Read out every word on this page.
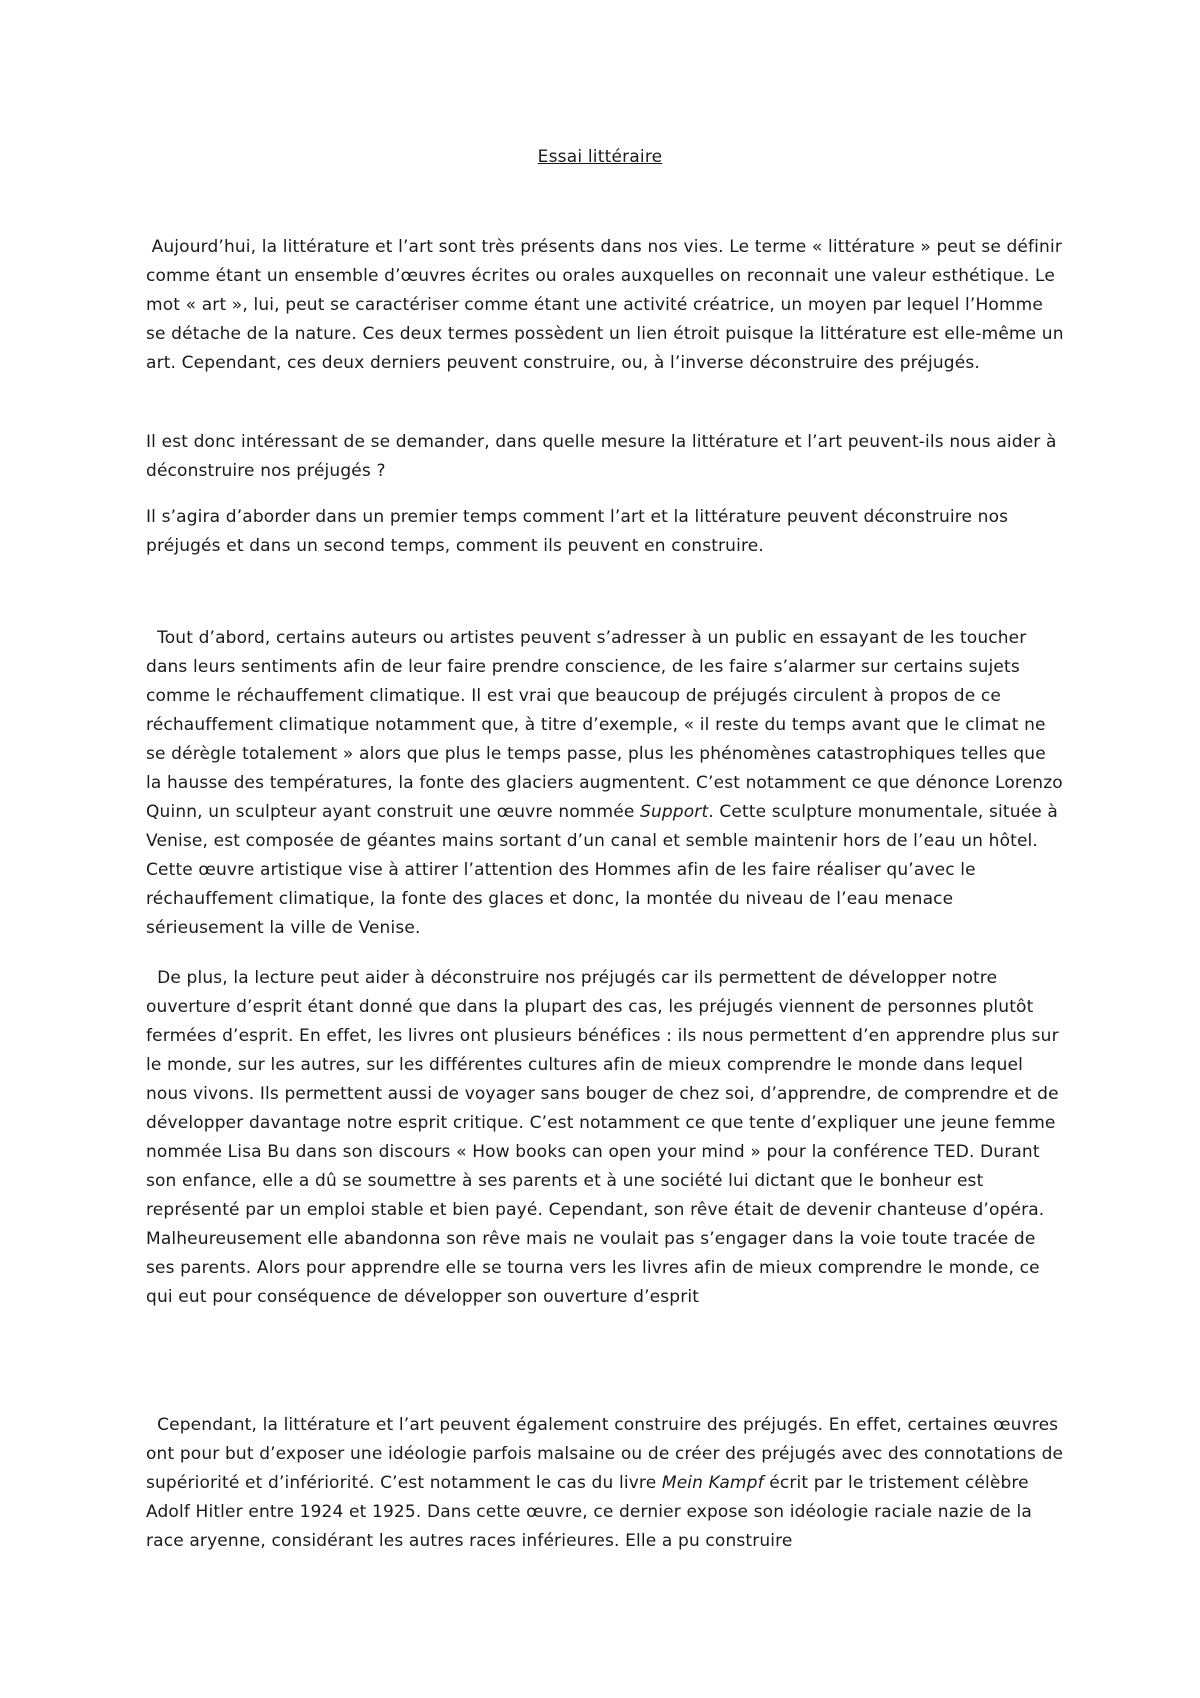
Essai littéraire

Aujourd’hui, la littérature et l’art sont très présents dans nos vies. Le terme « littérature » peut se définir comme étant un ensemble d’œuvres écrites ou orales auxquelles on reconnait une valeur esthétique. Le mot « art », lui, peut se caractériser comme étant une activité créatrice, un moyen par lequel l’Homme se détache de la nature. Ces deux termes possèdent un lien étroit puisque la littérature est elle-même un art. Cependant, ces deux derniers peuvent construire, ou, à l’inverse déconstruire des préjugés.

Il est donc intéressant de se demander, dans quelle mesure la littérature et l’art peuvent-ils nous aider à déconstruire nos préjugés ?

Il s’agira d’aborder dans un premier temps comment l’art et la littérature peuvent déconstruire nos préjugés et dans un second temps, comment ils peuvent en construire.

Tout d’abord, certains auteurs ou artistes peuvent s’adresser à un public en essayant de les toucher dans leurs sentiments afin de leur faire prendre conscience, de les faire s’alarmer sur certains sujets comme le réchauffement climatique. Il est vrai que beaucoup de préjugés circulent à propos de ce réchauffement climatique notamment que, à titre d’exemple, « il reste du temps avant que le climat ne se dérègle totalement » alors que plus le temps passe, plus les phénomènes catastrophiques telles que la hausse des températures, la fonte des glaciers augmentent. C’est notamment ce que dénonce Lorenzo Quinn, un sculpteur ayant construit une œuvre nommée Support. Cette sculpture monumentale, située à Venise, est composée de géantes mains sortant d’un canal et semble maintenir hors de l’eau un hôtel. Cette œuvre artistique vise à attirer l’attention des Hommes afin de les faire réaliser qu’avec le réchauffement climatique, la fonte des glaces et donc, la montée du niveau de l’eau menace sérieusement la ville de Venise.

De plus, la lecture peut aider à déconstruire nos préjugés car ils permettent de développer notre ouverture d’esprit étant donné que dans la plupart des cas, les préjugés viennent de personnes plutôt fermées d’esprit. En effet, les livres ont plusieurs bénéfices : ils nous permettent d’en apprendre plus sur le monde, sur les autres, sur les différentes cultures afin de mieux comprendre le monde dans lequel nous vivons. Ils permettent aussi de voyager sans bouger de chez soi, d’apprendre, de comprendre et de développer davantage notre esprit critique. C’est notamment ce que tente d’expliquer une jeune femme nommée Lisa Bu dans son discours « How books can open your mind » pour la conférence TED. Durant son enfance, elle a dû se soumettre à ses parents et à une société lui dictant que le bonheur est représenté par un emploi stable et bien payé. Cependant, son rêve était de devenir chanteuse d’opéra. Malheureusement elle abandonna son rêve mais ne voulait pas s’engager dans la voie toute tracée de ses parents. Alors pour apprendre elle se tourna vers les livres afin de mieux comprendre le monde, ce qui eut pour conséquence de développer son ouverture d’esprit

Cependant, la littérature et l’art peuvent également construire des préjugés. En effet, certaines œuvres ont pour but d’exposer une idéologie parfois malsaine ou de créer des préjugés avec des connotations de supériorité et d’infériorité. C’est notamment le cas du livre Mein Kampf écrit par le tristement célèbre Adolf Hitler entre 1924 et 1925. Dans cette œuvre, ce dernier expose son idéologie raciale nazie de la race aryenne, considérant les autres races inférieures. Elle a pu construire
